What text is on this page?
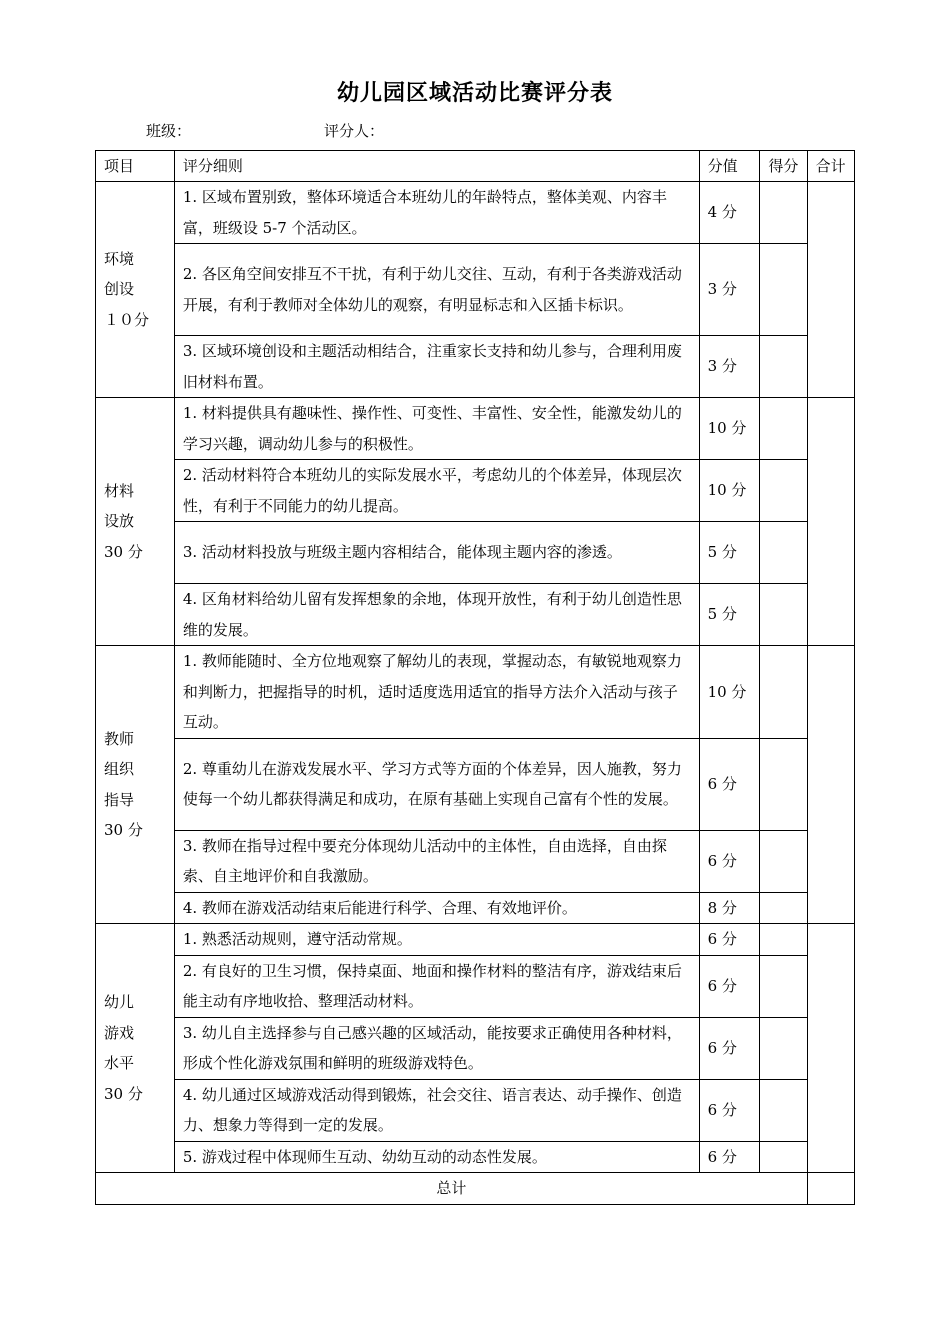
幼儿园区域活动比赛评分表
班级：	评分人：
项目	评分细则	分值	得分	合计

环境
创设
１０分	1. 区域布置别致，整体环境适合本班幼儿的年龄特点，整体美观、内容丰富，班级设 5-7 个活动区。	4 分		
	2. 各区角空间安排互不干扰，有利于幼儿交往、互动，有利于各类游戏活动开展，有利于教师对全体幼儿的观察，有明显标志和入区插卡标识。	3 分		
	3. 区域环境创设和主题活动相结合，注重家长支持和幼儿参与，合理利用废旧材料布置。	3 分		

材料
设放
30 分	1. 材料提供具有趣味性、操作性、可变性、丰富性、安全性，能激发幼儿的学习兴趣，调动幼儿参与的积极性。	10 分		
	2. 活动材料符合本班幼儿的实际发展水平，考虑幼儿的个体差异，体现层次性，有利于不同能力的幼儿提高。	10 分		
	3. 活动材料投放与班级主题内容相结合，能体现主题内容的渗透。	5 分		
	4. 区角材料给幼儿留有发挥想象的余地，体现开放性，有利于幼儿创造性思维的发展。	5 分		

教师
组织
指导
30 分	1. 教师能随时、全方位地观察了解幼儿的表现，掌握动态，有敏锐地观察力和判断力，把握指导的时机，适时适度选用适宜的指导方法介入活动与孩子互动。	10 分		
	2. 尊重幼儿在游戏发展水平、学习方式等方面的个体差异，因人施教，努力使每一个幼儿都获得满足和成功，在原有基础上实现自己富有个性的发展。	6 分		
	3. 教师在指导过程中要充分体现幼儿活动中的主体性，自由选择，自由探索、自主地评价和自我激励。	6 分		
	4. 教师在游戏活动结束后能进行科学、合理、有效地评价。	8 分		

幼儿
游戏
水平
30 分	1. 熟悉活动规则，遵守活动常规。	6 分		
	2. 有良好的卫生习惯，保持桌面、地面和操作材料的整洁有序，游戏结束后能主动有序地收拾、整理活动材料。	6 分		
	3. 幼儿自主选择参与自己感兴趣的区域活动，能按要求正确使用各种材料，形成个性化游戏氛围和鲜明的班级游戏特色。	6 分		
	4. 幼儿通过区域游戏活动得到锻炼，社会交往、语言表达、动手操作、创造力、想象力等得到一定的发展。	6 分		
	5. 游戏过程中体现师生互动、幼幼互动的动态性发展。	6 分		
总计				
